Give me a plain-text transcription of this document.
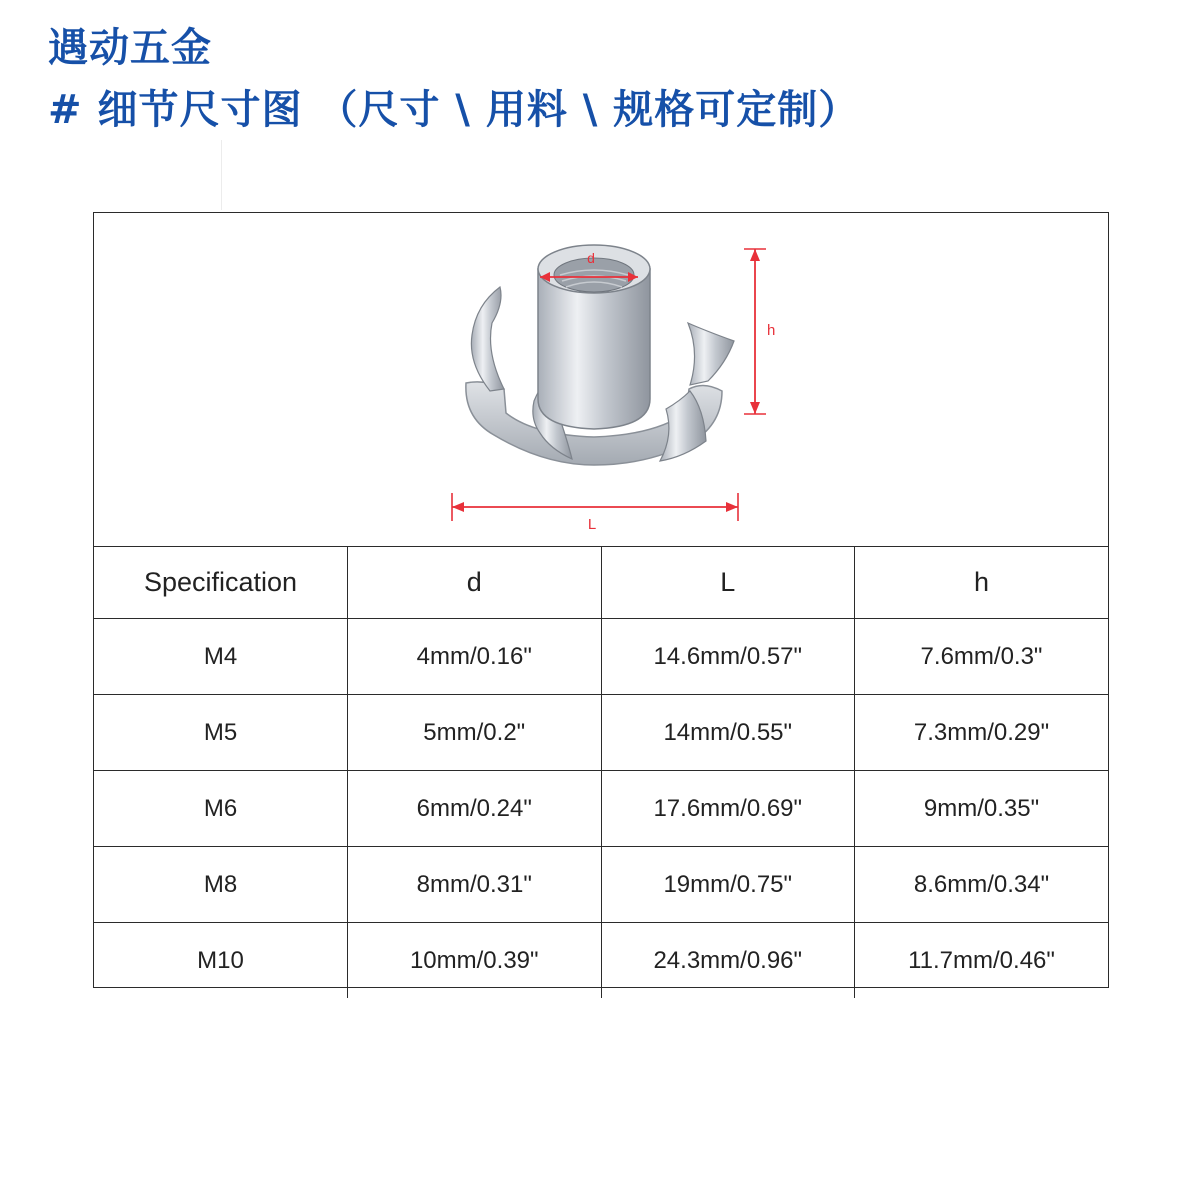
遇动五金
# 细节尺寸图 （尺寸 \ 用料 \ 规格可定制）
d
h
L
Specification	d	L	h
M4	4mm/0.16"	14.6mm/0.57"	7.6mm/0.3"
M5	5mm/0.2"	14mm/0.55"	7.3mm/0.29"
M6	6mm/0.24"	17.6mm/0.69"	9mm/0.35"
M8	8mm/0.31"	19mm/0.75"	8.6mm/0.34"
M10	10mm/0.39"	24.3mm/0.96"	11.7mm/0.46"
